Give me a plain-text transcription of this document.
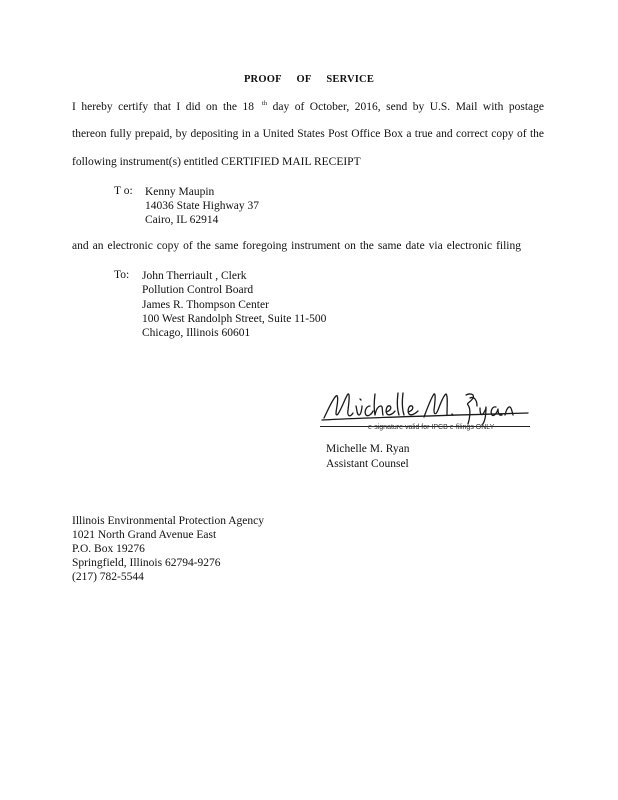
PROOF OF SERVICE
I hereby certify that I did on the 18 $^{th}$ day of October, 2016, send by U.S. Mail with postage
thereon fully prepaid, by depositing in a United States Post Office Box a true and correct copy of the
following instrument(s) entitled CERTIFIED MAIL RECEIPT
T o: Kenny Maupin
14036 State Highway 37
Cairo, IL 62914
and an electronic copy of the same foregoing instrument on the same date via electronic filing
To: John Therriault , Clerk
Pollution Control Board
James R. Thompson Center
100 West Randolph Street, Suite 11-500
Chicago, Illinois 60601
e-signature valid for IPCB e-filings ONLY
Michelle M. Ryan
Assistant Counsel
Illinois Environmental Protection Agency
1021 North Grand Avenue East
P.O. Box 19276
Springfield, Illinois 62794-9276
(217) 782-5544
